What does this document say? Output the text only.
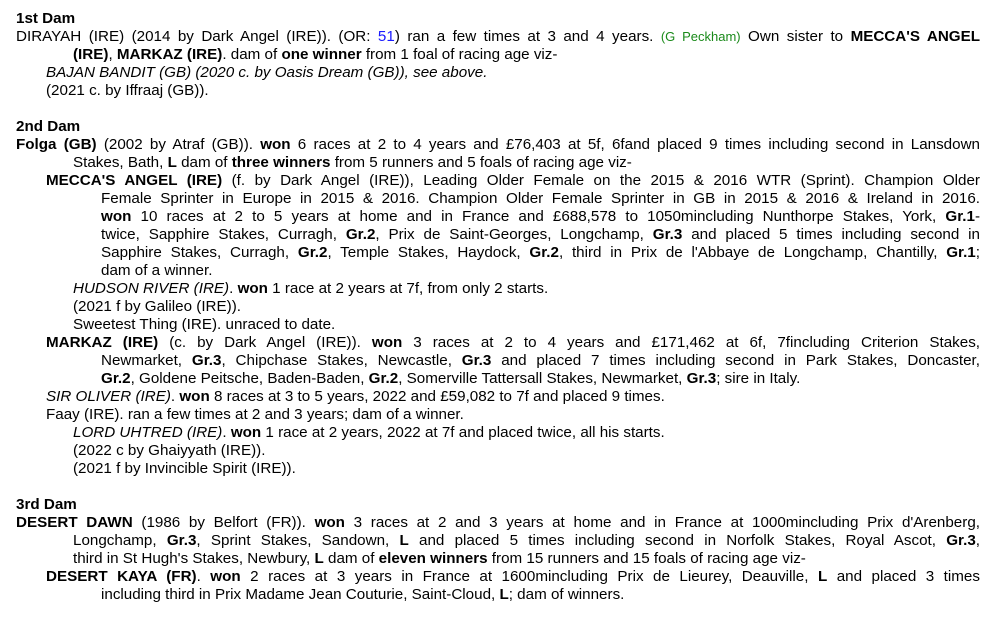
1st Dam
DIRAYAH (IRE) (2014 by Dark Angel (IRE)). (OR: 51) ran a few times at 3 and 4 years. (G Peckham) Own sister to MECCA'S ANGEL
(IRE), MARKAZ (IRE). dam of one winner from 1 foal of racing age viz-
BAJAN BANDIT (GB) (2020 c. by Oasis Dream (GB)), see above.
(2021 c. by Iffraaj (GB)).
2nd Dam
Folga (GB) (2002 by Atraf (GB)). won 6 races at 2 to 4 years and £76,403 at 5f, 6fand placed 9 times including second in Lansdown
Stakes, Bath, L dam of three winners from 5 runners and 5 foals of racing age viz-
MECCA'S ANGEL (IRE) (f. by Dark Angel (IRE)), Leading Older Female on the 2015 & 2016 WTR (Sprint). Champion Older
Female Sprinter in Europe in 2015 & 2016. Champion Older Female Sprinter in GB in 2015 & 2016 & Ireland in 2016.
won 10 races at 2 to 5 years at home and in France and £688,578 to 1050mincluding Nunthorpe Stakes, York, Gr.1-
twice, Sapphire Stakes, Curragh, Gr.2, Prix de Saint-Georges, Longchamp, Gr.3 and placed 5 times including second in
Sapphire Stakes, Curragh, Gr.2, Temple Stakes, Haydock, Gr.2, third in Prix de l'Abbaye de Longchamp, Chantilly, Gr.1;
dam of a winner.
HUDSON RIVER (IRE). won 1 race at 2 years at 7f, from only 2 starts.
(2021 f by Galileo (IRE)).
Sweetest Thing (IRE). unraced to date.
MARKAZ (IRE) (c. by Dark Angel (IRE)). won 3 races at 2 to 4 years and £171,462 at 6f, 7fincluding Criterion Stakes,
Newmarket, Gr.3, Chipchase Stakes, Newcastle, Gr.3 and placed 7 times including second in Park Stakes, Doncaster,
Gr.2, Goldene Peitsche, Baden-Baden, Gr.2, Somerville Tattersall Stakes, Newmarket, Gr.3; sire in Italy.
SIR OLIVER (IRE). won 8 races at 3 to 5 years, 2022 and £59,082 to 7f and placed 9 times.
Faay (IRE). ran a few times at 2 and 3 years; dam of a winner.
LORD UHTRED (IRE). won 1 race at 2 years, 2022 at 7f and placed twice, all his starts.
(2022 c by Ghaiyyath (IRE)).
(2021 f by Invincible Spirit (IRE)).
3rd Dam
DESERT DAWN (1986 by Belfort (FR)). won 3 races at 2 and 3 years at home and in France at 1000mincluding Prix d'Arenberg,
Longchamp, Gr.3, Sprint Stakes, Sandown, L and placed 5 times including second in Norfolk Stakes, Royal Ascot, Gr.3,
third in St Hugh's Stakes, Newbury, L dam of eleven winners from 15 runners and 15 foals of racing age viz-
DESERT KAYA (FR). won 2 races at 3 years in France at 1600mincluding Prix de Lieurey, Deauville, L and placed 3 times
including third in Prix Madame Jean Couturie, Saint-Cloud, L; dam of winners.
